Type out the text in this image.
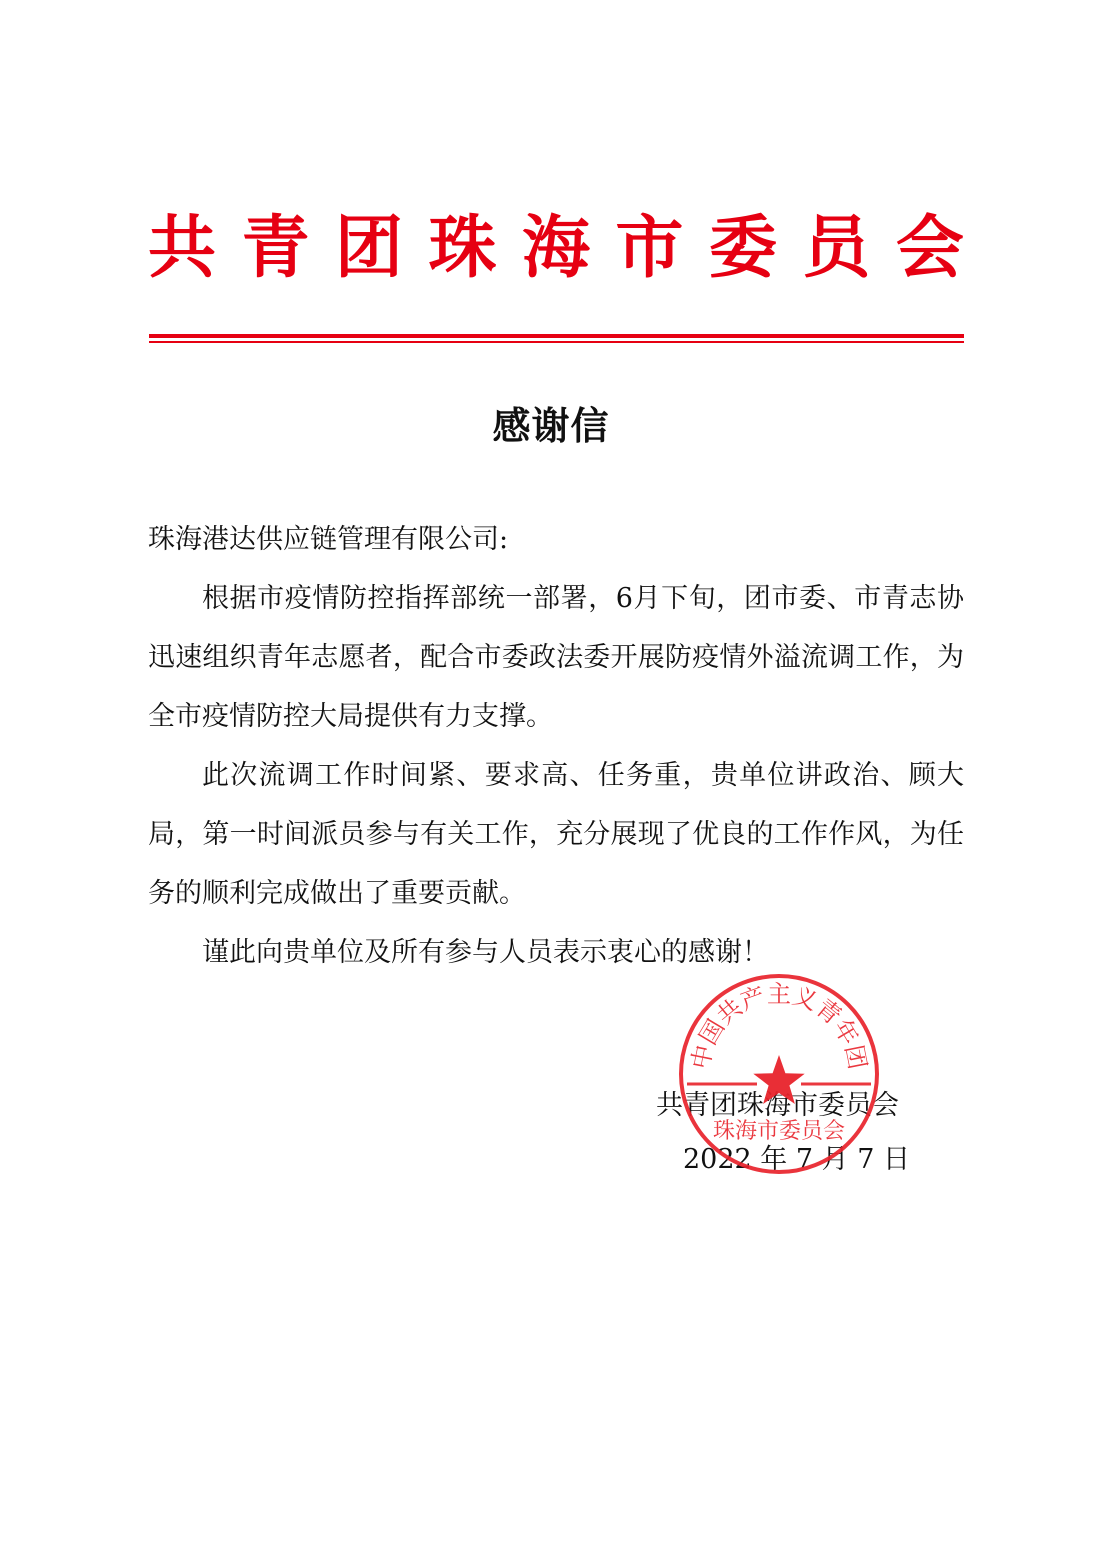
共 青 团 珠 海 市 委 员 会
感谢信

珠海港达供应链管理有限公司:

根据市疫情防控指挥部统一部署，6月下旬，团市委、市青志协迅速组织青年志愿者，配合市委政法委开展防疫情外溢流调工作，为全市疫情防控大局提供有力支撑。

此次流调工作时间紧、要求高、任务重，贵单位讲政治、顾大局，第一时间派员参与有关工作，充分展现了优良的工作作风，为任务的顺利完成做出了重要贡献。

谨此向贵单位及所有参与人员表示衷心的感谢！

共青团珠海市委员会
2022 年 7 月 7 日
中国共产主义青年团
珠海市委员会
